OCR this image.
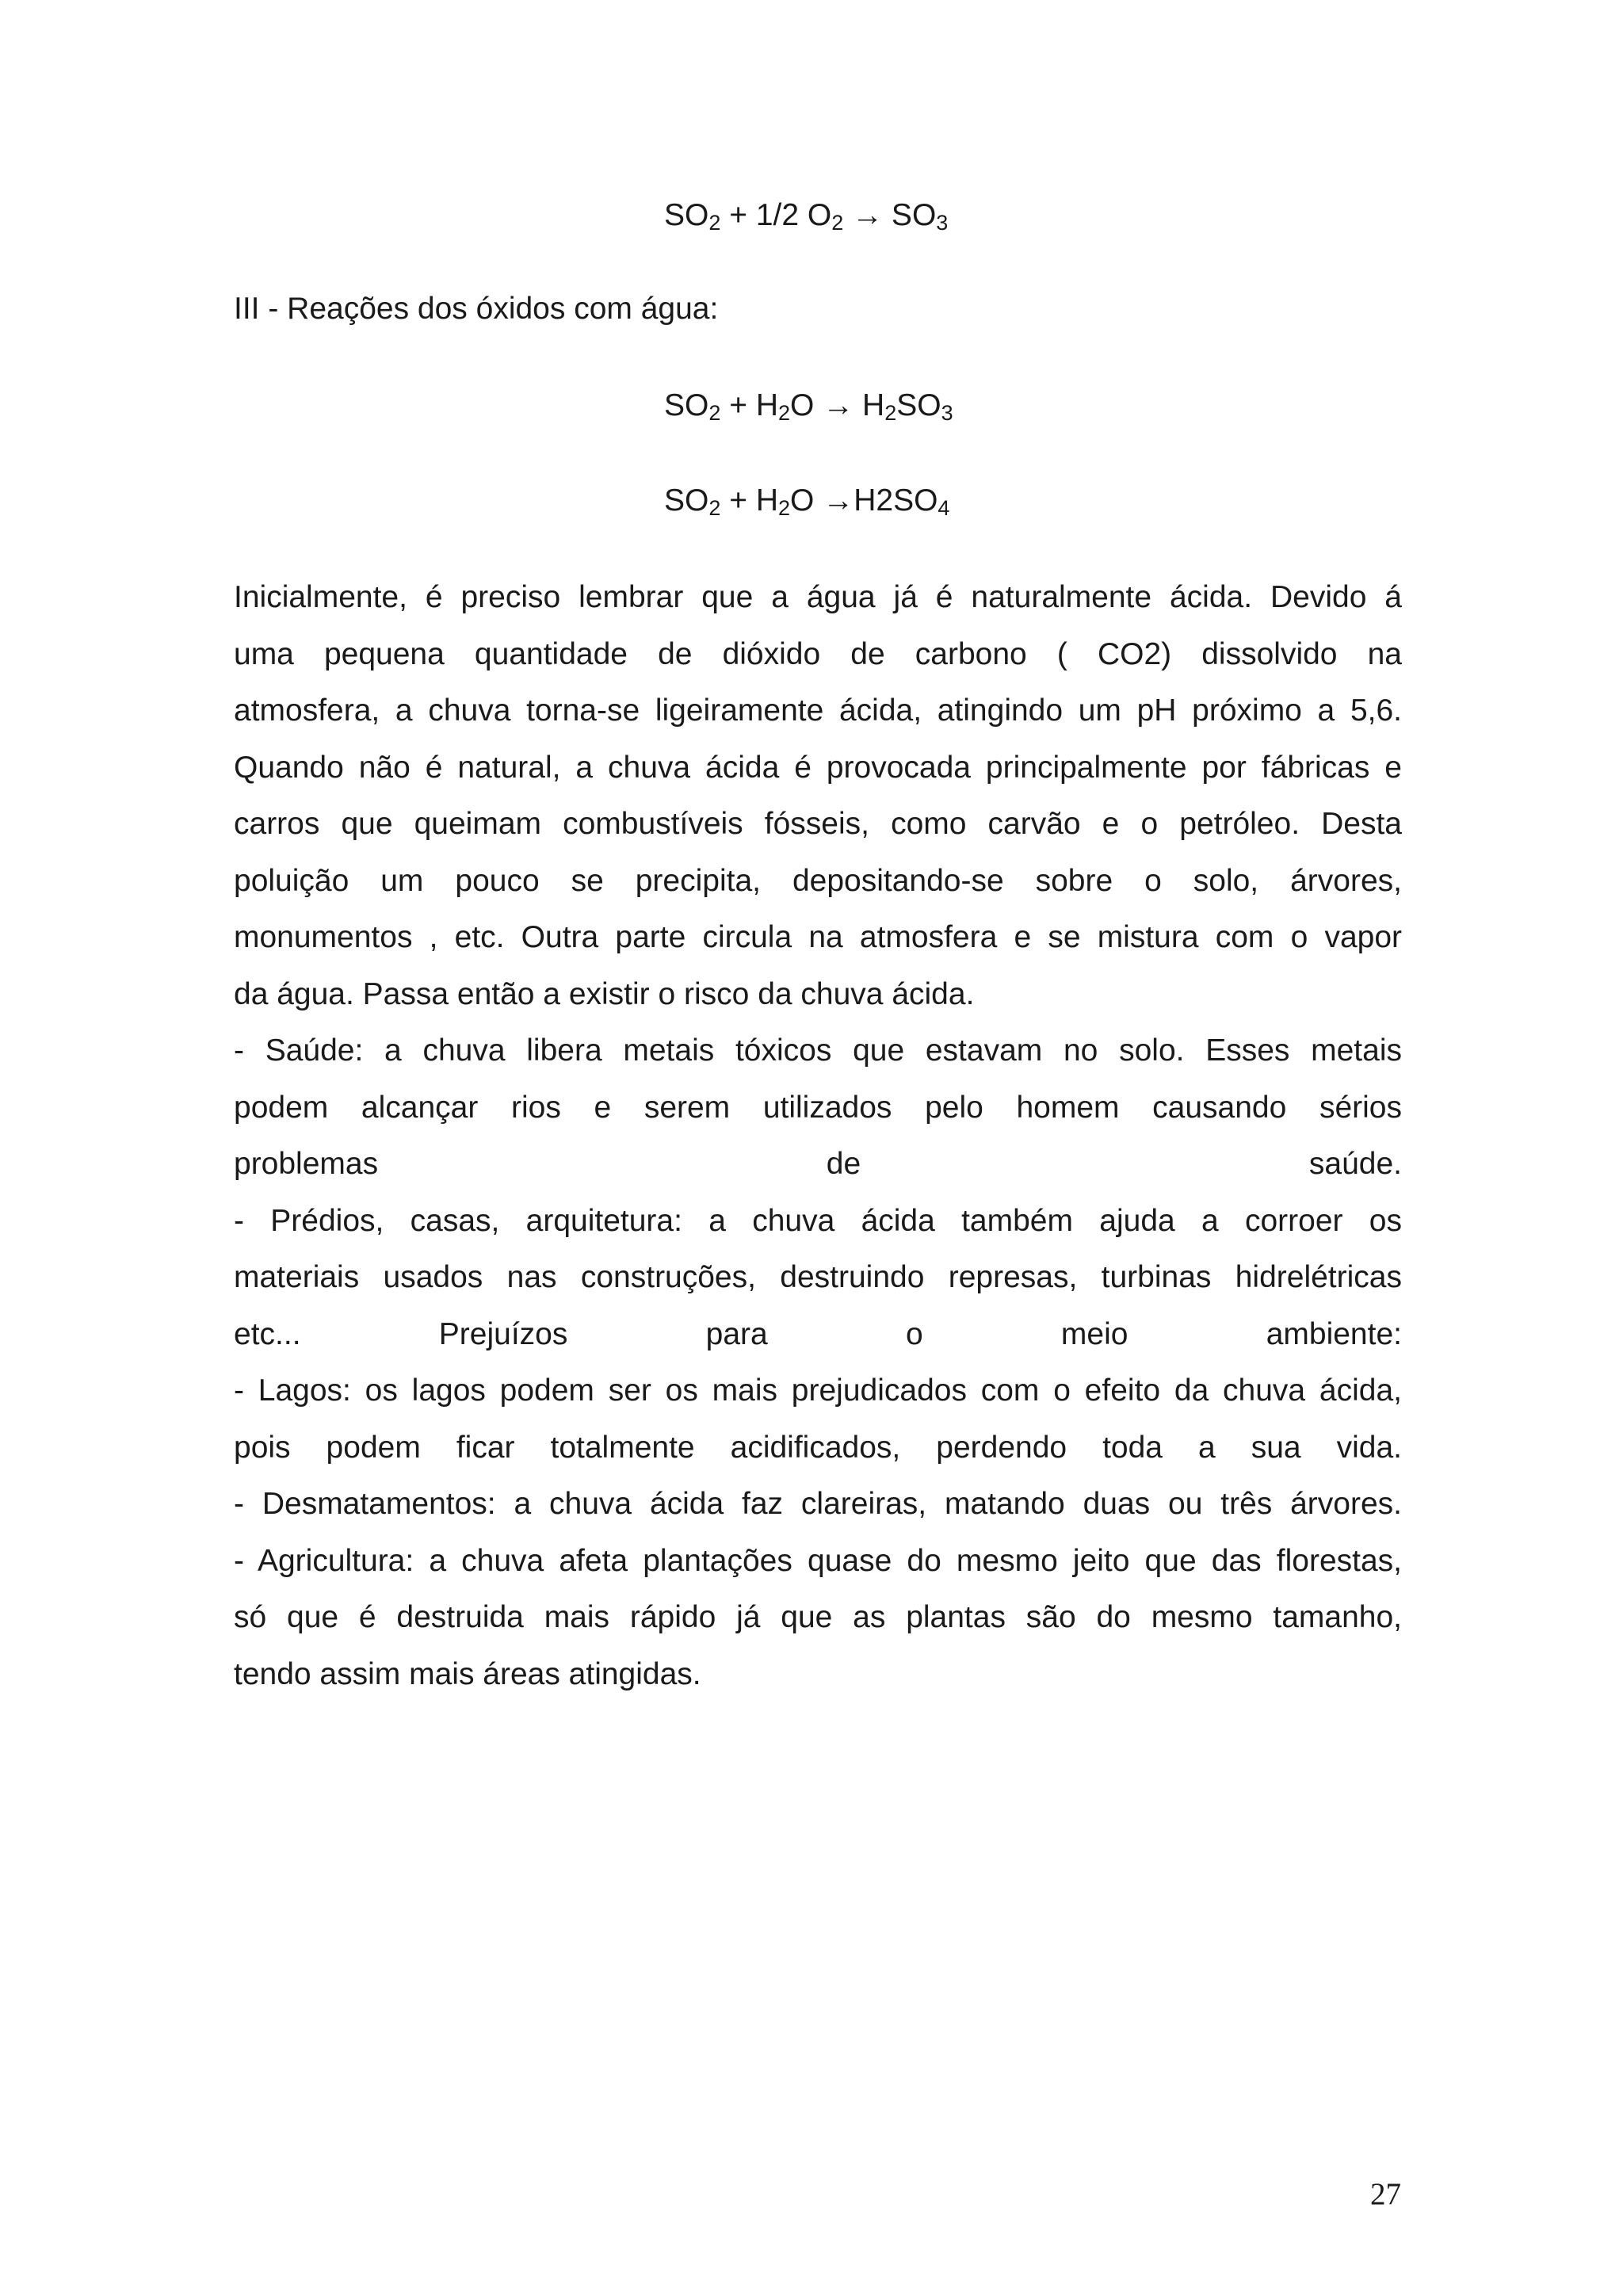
$SO_2 + 1/2$ $O_2 \to SO_3$
III - Reações dos óxidos com água:
$SO_2 + H_2O \to H_2SO_3$
$SO_2 + H_2O \to H2SO_4$
Inicialmente, é preciso lembrar que a água já é naturalmente ácida. Devido á
uma pequena quantidade de dióxido de carbono ( CO2) dissolvido na
atmosfera, a chuva torna-se ligeiramente ácida, atingindo um pH próximo a 5,6.
Quando não é natural, a chuva ácida é provocada principalmente por fábricas e
carros que queimam combustíveis fósseis, como carvão e o petróleo. Desta
poluição um pouco se precipita, depositando-se sobre o solo, árvores,
monumentos , etc. Outra parte circula na atmosfera e se mistura com o vapor
da água. Passa então a existir o risco da chuva ácida.
- Saúde: a chuva libera metais tóxicos que estavam no solo. Esses metais
podem alcançar rios e serem utilizados pelo homem causando sérios
problemas de saúde.
- Prédios, casas, arquitetura: a chuva ácida também ajuda a corroer os
materiais usados nas construções, destruindo represas, turbinas hidrelétricas
etc... Prejuízos para o meio ambiente:
- Lagos: os lagos podem ser os mais prejudicados com o efeito da chuva ácida,
pois podem ficar totalmente acidificados, perdendo toda a sua vida.
- Desmatamentos: a chuva ácida faz clareiras, matando duas ou três árvores.
- Agricultura: a chuva afeta plantações quase do mesmo jeito que das florestas,
só que é destruida mais rápido já que as plantas são do mesmo tamanho,
tendo assim mais áreas atingidas.
27
